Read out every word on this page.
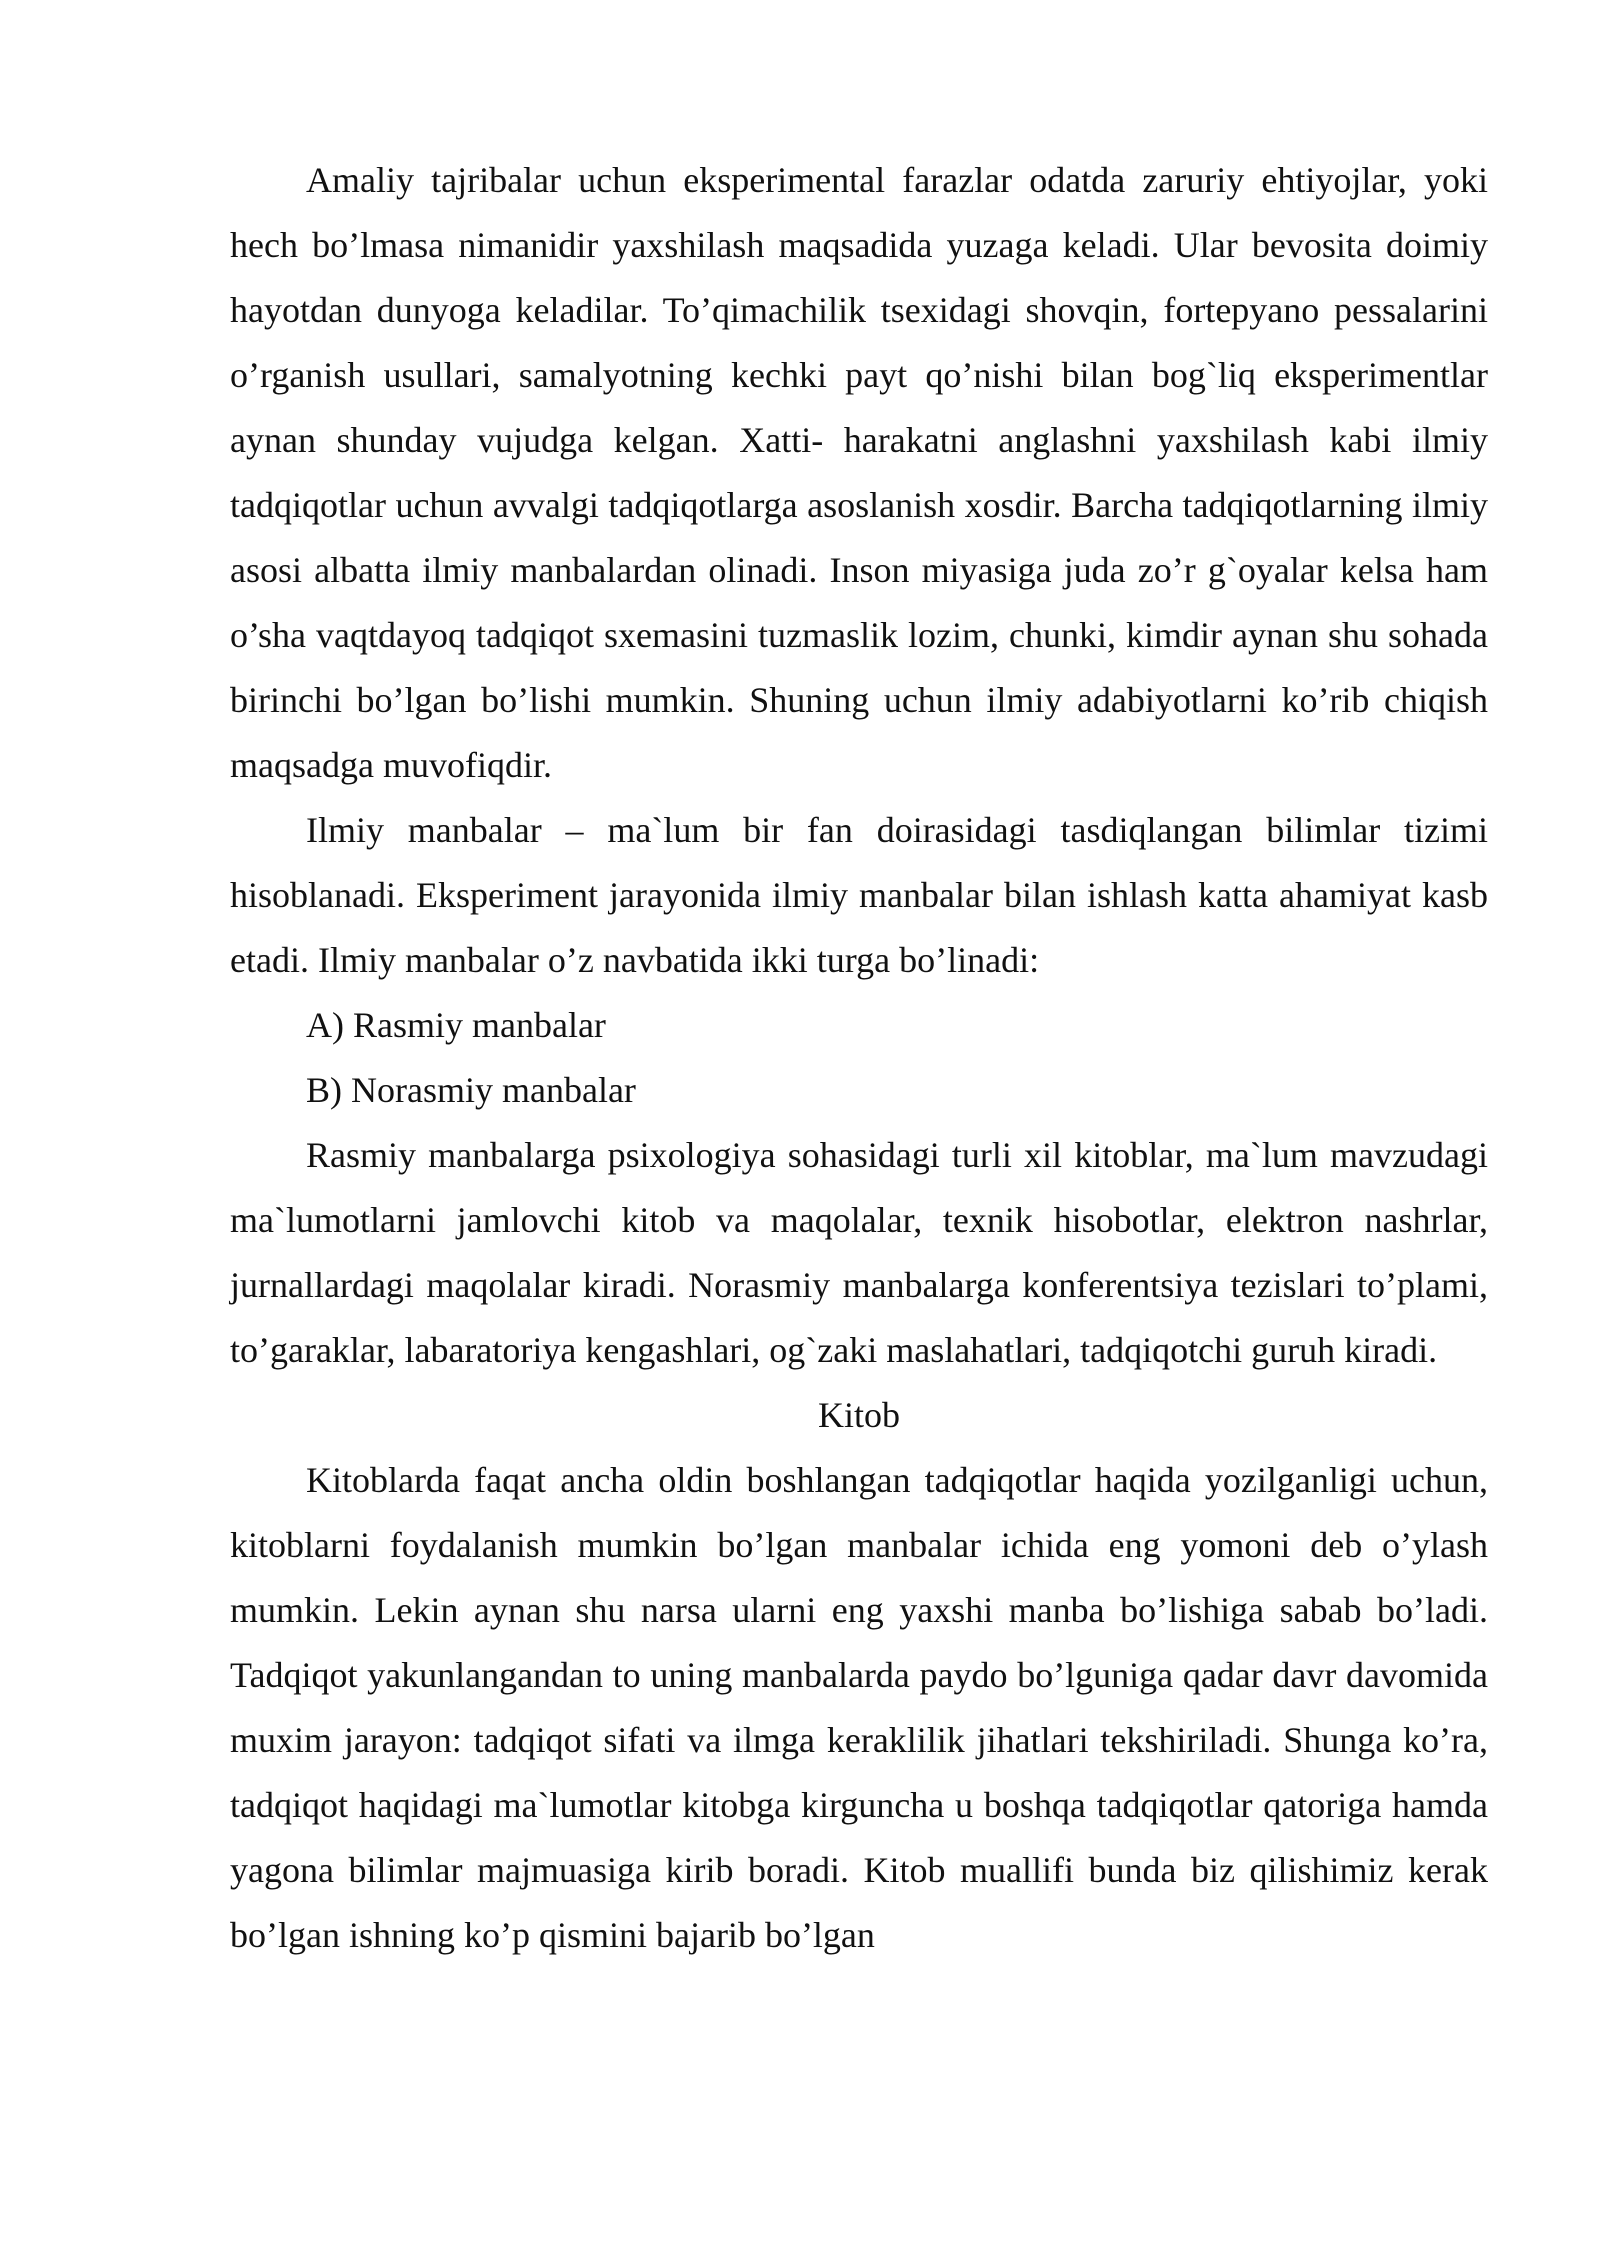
Amaliy tajribalar uchun eksperimental farazlar odatda zaruriy ehtiyojlar, yoki hech bo’lmasa nimanidir yaxshilash maqsadida yuzaga keladi. Ular bevosita doimiy hayotdan dunyoga keladilar. To’qimachilik tsexidagi shovqin, fortepyano pessalarini o’rganish usullari, samalyotning kechki payt qo’nishi bilan bog`liq eksperimentlar aynan shunday vujudga kelgan. Xatti- harakatni anglashni yaxshilash kabi ilmiy tadqiqotlar uchun avvalgi tadqiqotlarga asoslanish xosdir. Barcha tadqiqotlarning ilmiy asosi albatta ilmiy manbalardan olinadi. Inson miyasiga juda zo’r g`oyalar kelsa ham o’sha vaqtdayoq tadqiqot sxemasini tuzmaslik lozim, chunki, kimdir aynan shu sohada birinchi bo’lgan bo’lishi mumkin. Shuning uchun ilmiy adabiyotlarni ko’rib chiqish maqsadga muvofiqdir.

Ilmiy manbalar – ma`lum bir fan doirasidagi tasdiqlangan bilimlar tizimi hisoblanadi. Eksperiment jarayonida ilmiy manbalar bilan ishlash katta ahamiyat kasb etadi. Ilmiy manbalar o’z navbatida ikki turga bo’linadi:

A) Rasmiy manbalar

B) Norasmiy manbalar

Rasmiy manbalarga psixologiya sohasidagi turli xil kitoblar, ma`lum mavzudagi ma`lumotlarni jamlovchi kitob va maqolalar, texnik hisobotlar, elektron nashrlar, jurnallardagi maqolalar kiradi. Norasmiy manbalarga konferentsiya tezislari to’plami, to’garaklar, labaratoriya kengashlari, og`zaki maslahatlari, tadqiqotchi guruh kiradi.

Kitob

Kitoblarda faqat ancha oldin boshlangan tadqiqotlar haqida yozilganligi uchun, kitoblarni foydalanish mumkin bo’lgan manbalar ichida eng yomoni deb o’ylash mumkin. Lekin aynan shu narsa ularni eng yaxshi manba bo’lishiga sabab bo’ladi. Tadqiqot yakunlangandan to uning manbalarda paydo bo’lguniga qadar davr davomida muxim jarayon: tadqiqot sifati va ilmga keraklilik jihatlari tekshiriladi. Shunga ko’ra, tadqiqot haqidagi ma`lumotlar kitobga kirguncha u boshqa tadqiqotlar qatoriga hamda yagona bilimlar majmuasiga kirib boradi. Kitob muallifi bunda biz qilishimiz kerak bo’lgan ishning ko’p qismini bajarib bo’lgan
